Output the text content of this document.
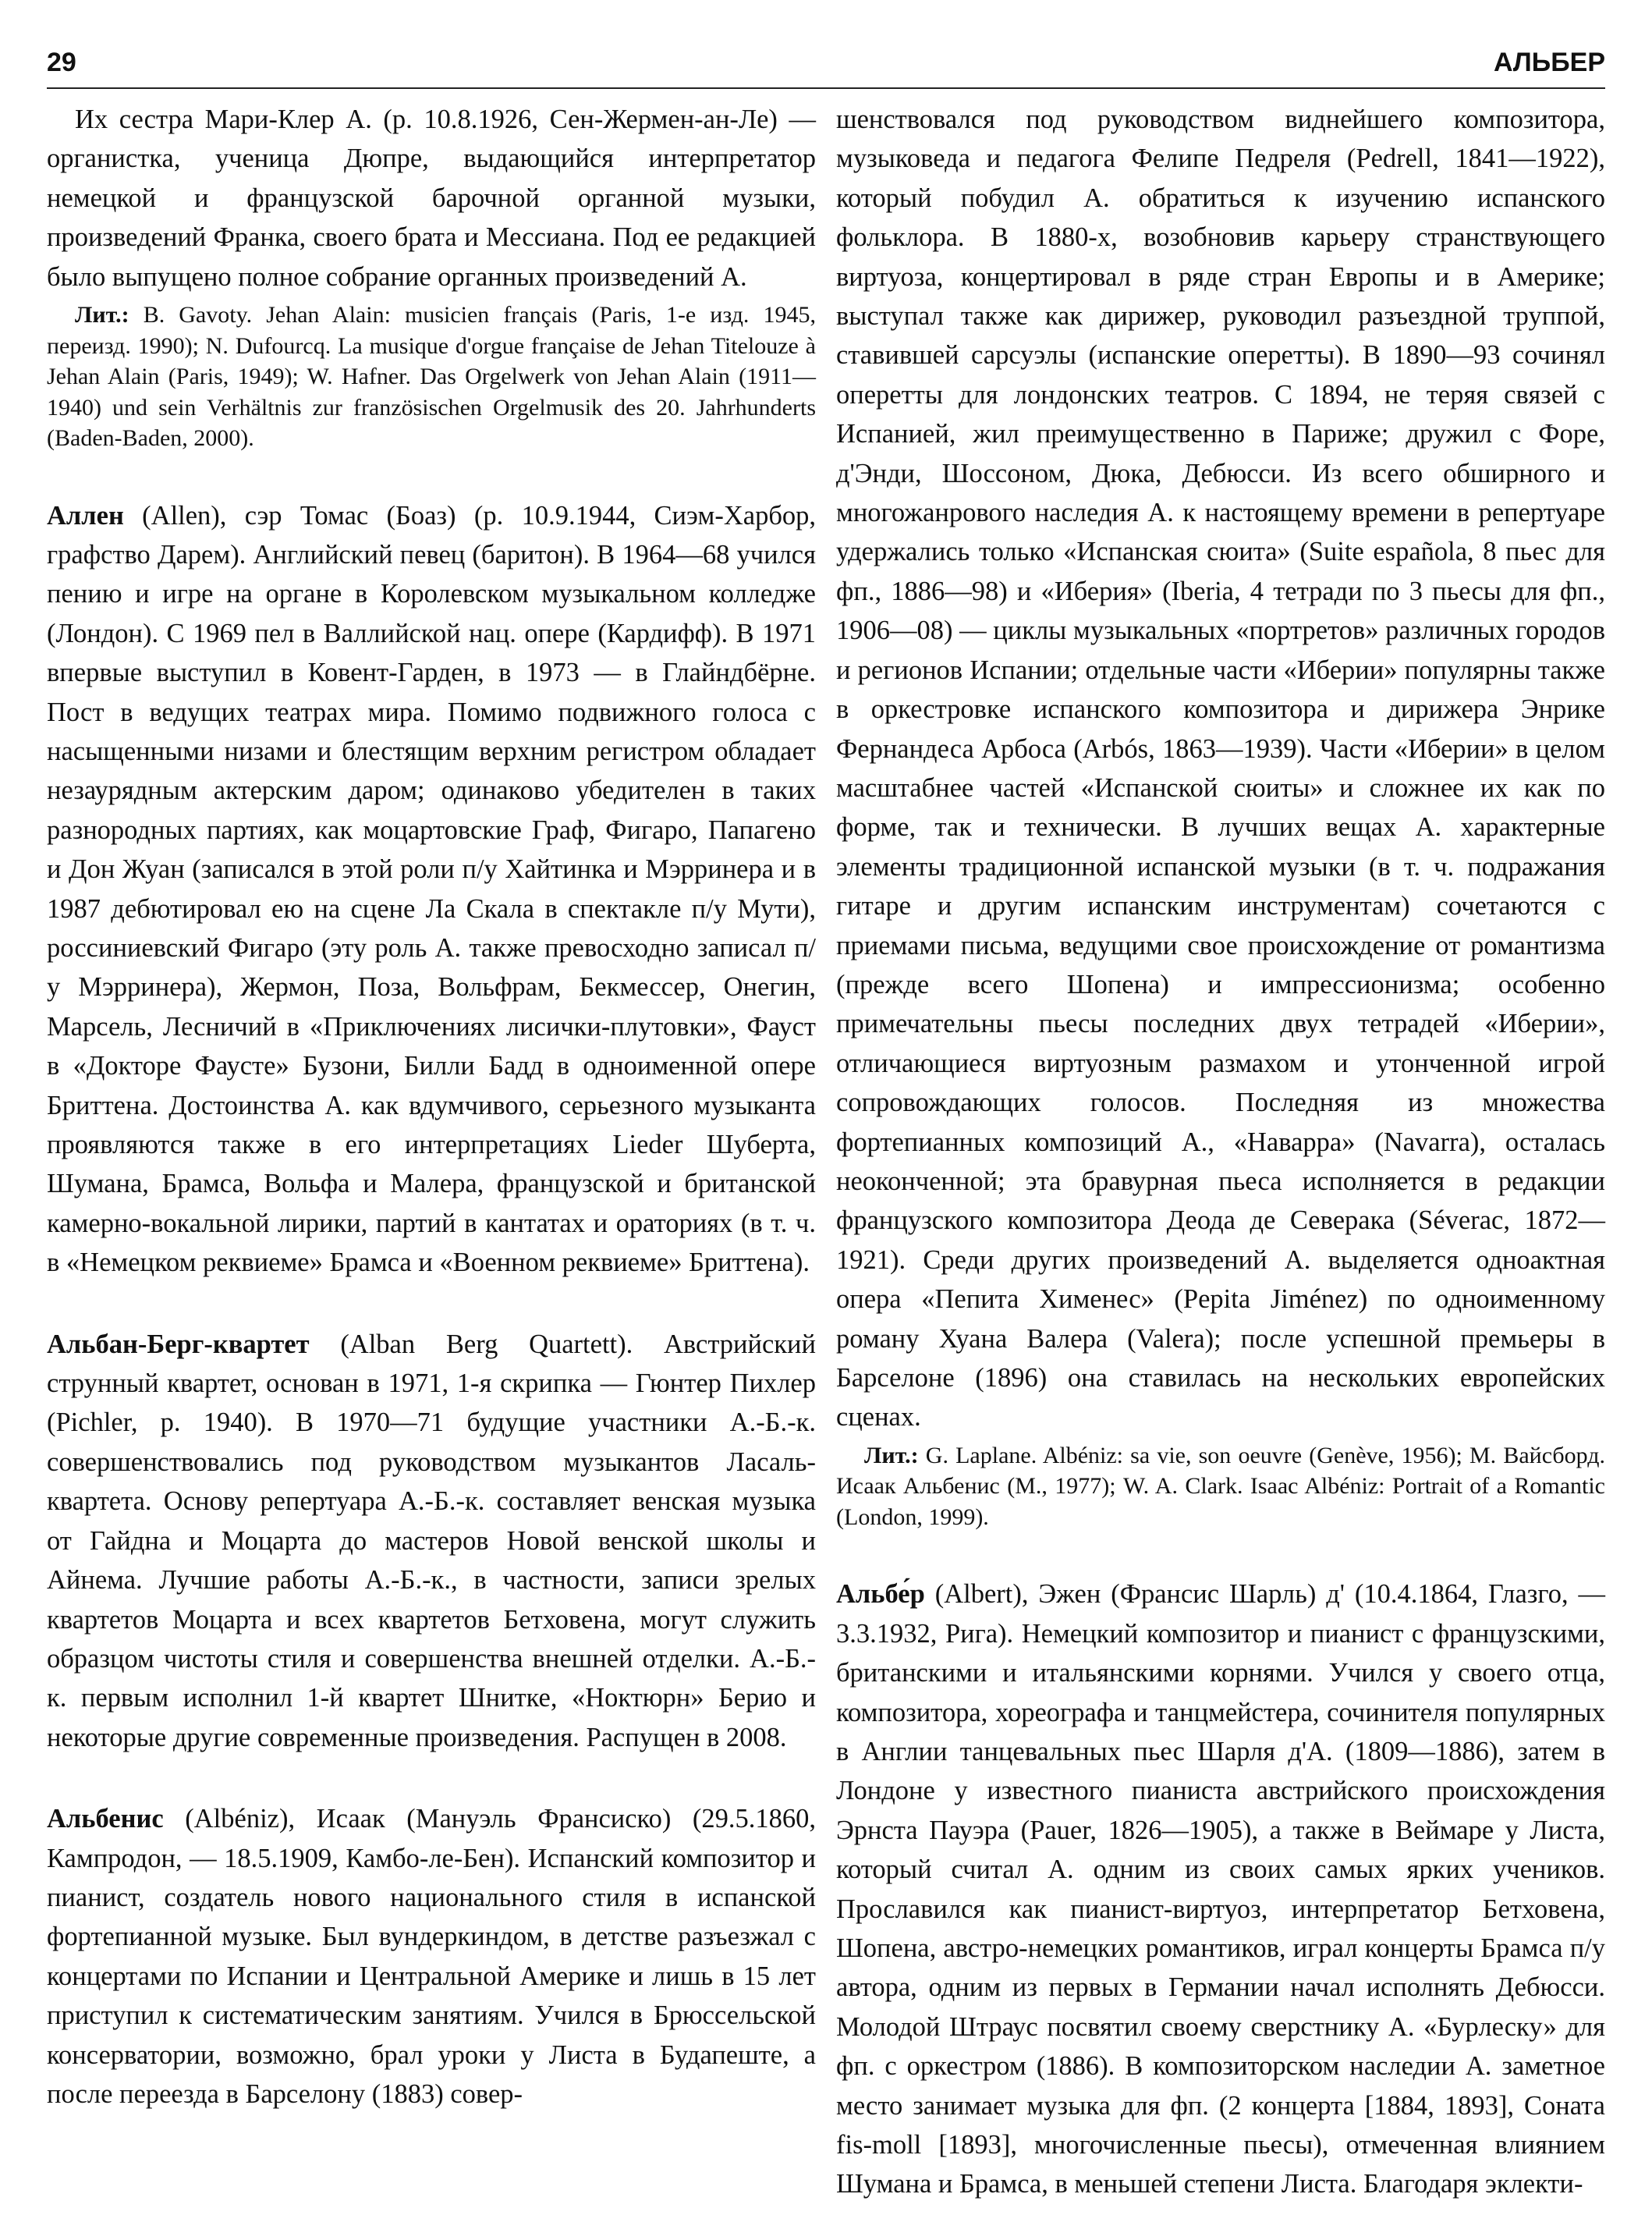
29	АЛЬБЕР

Их сестра Мари-Клер А. (р. 10.8.1926, Сен-Жермен-ан-Ле) — органистка, ученица Дюпре, выдающийся интерпретатор немецкой и французской барочной органной музыки, произведений Франка, своего брата и Мессиана. Под ее редакцией было выпущено полное собрание органных произведений А.

Лит.: B. Gavoty. Jehan Alain: musicien français (Paris, 1-е изд. 1945, переизд. 1990); N. Dufourcq. La musique d'orgue française de Jehan Titelouze à Jehan Alain (Paris, 1949); W. Hafner. Das Orgelwerk von Jehan Alain (1911—1940) und sein Verhältnis zur französischen Orgelmusik des 20. Jahrhunderts (Baden-Baden, 2000).

Аллен (Allen), сэр Томас (Боаз) (р. 10.9.1944, Сиэм-Харбор, графство Дарем). Английский певец (баритон). В 1964—68 учился пению и игре на органе в Королевском музыкальном колледже (Лондон). С 1969 пел в Валлийской нац. опере (Кардифф). В 1971 впервые выступил в Ковент-Гарден, в 1973 — в Глайндбёрне. Пост в ведущих театрах мира. Помимо подвижного голоса с насыщенными низами и блестящим верхним регистром обладает незаурядным актерским даром; одинаково убедителен в таких разнородных партиях, как моцартовские Граф, Фигаро, Папагено и Дон Жуан (записался в этой роли п/у Хайтинка и Мэрринера и в 1987 дебютировал ею на сцене Ла Скала в спектакле п/у Мути), россиниевский Фигаро (эту роль А. также превосходно записал п/у Мэрринера), Жермон, Поза, Вольфрам, Бекмессер, Онегин, Марсель, Лесничий в «Приключениях лисички-плутовки», Фауст в «Докторе Фаусте» Бузони, Билли Бадд в одноименной опере Бриттена. Достоинства А. как вдумчивого, серьезного музыканта проявляются также в его интерпретациях Lieder Шуберта, Шумана, Брамса, Вольфа и Малера, французской и британской камерно-вокальной лирики, партий в кантатах и ораториях (в т. ч. в «Немецком реквиеме» Брамса и «Военном реквиеме» Бриттена).

Альбан-Берг-квартет (Alban Berg Quartett). Австрийский струнный квартет, основан в 1971, 1-я скрипка — Гюнтер Пихлер (Pichler, р. 1940). В 1970—71 будущие участники А.-Б.-к. совершенствовались под руководством музыкантов Ласаль-квартета. Основу репертуара А.-Б.-к. составляет венская музыка от Гайдна и Моцарта до мастеров Новой венской школы и Айнема. Лучшие работы А.-Б.-к., в частности, записи зрелых квартетов Моцарта и всех квартетов Бетховена, могут служить образцом чистоты стиля и совершенства внешней отделки. А.-Б.-к. первым исполнил 1-й квартет Шнитке, «Ноктюрн» Берио и некоторые другие современные произведения. Распущен в 2008.

Альбенис (Albéniz), Исаак (Мануэль Франсиско) (29.5.1860, Кампродон, — 18.5.1909, Камбо-ле-Бен). Испанский композитор и пианист, создатель нового национального стиля в испанской фортепианной музыке. Был вундеркиндом, в детстве разъезжал с концертами по Испании и Центральной Америке и лишь в 15 лет приступил к систематическим занятиям. Учился в Брюссельской консерватории, возможно, брал уроки у Листа в Будапеште, а после переезда в Барселону (1883) совер-

шенствовался под руководством виднейшего композитора, музыковеда и педагога Фелипе Педреля (Pedrell, 1841—1922), который побудил А. обратиться к изучению испанского фольклора. В 1880-х, возобновив карьеру странствующего виртуоза, концертировал в ряде стран Европы и в Америке; выступал также как дирижер, руководил разъездной труппой, ставившей сарсуэлы (испанские оперетты). В 1890—93 сочинял оперетты для лондонских театров. С 1894, не теряя связей с Испанией, жил преимущественно в Париже; дружил с Форе, д'Энди, Шоссоном, Дюка, Дебюсси. Из всего обширного и многожанрового наследия А. к настоящему времени в репертуаре удержались только «Испанская сюита» (Suite española, 8 пьес для фп., 1886—98) и «Иберия» (Iberia, 4 тетради по 3 пьесы для фп., 1906—08) — циклы музыкальных «портретов» различных городов и регионов Испании; отдельные части «Иберии» популярны также в оркестровке испанского композитора и дирижера Энрике Фернандеса Арбоса (Arbós, 1863—1939). Части «Иберии» в целом масштабнее частей «Испанской сюиты» и сложнее их как по форме, так и технически. В лучших вещах А. характерные элементы традиционной испанской музыки (в т. ч. подражания гитаре и другим испанским инструментам) сочетаются с приемами письма, ведущими свое происхождение от романтизма (прежде всего Шопена) и импрессионизма; особенно примечательны пьесы последних двух тетрадей «Иберии», отличающиеся виртуозным размахом и утонченной игрой сопровождающих голосов. Последняя из множества фортепианных композиций А., «Наварра» (Navarra), осталась неоконченной; эта бравурная пьеса исполняется в редакции французского композитора Деода де Северака (Séverac, 1872—1921). Среди других произведений А. выделяется одноактная опера «Пепита Хименес» (Pepita Jiménez) по одноименному роману Хуана Валера (Valera); после успешной премьеры в Барселоне (1896) она ставилась на нескольких европейских сценах.

Лит.: G. Laplane. Albéniz: sa vie, son oeuvre (Genève, 1956); М. Вайсборд. Исаак Альбенис (М., 1977); W. A. Clark. Isaac Albéniz: Portrait of a Romantic (London, 1999).

Альбе́р (Albert), Эжен (Франсис Шарль) д' (10.4.1864, Глазго, — 3.3.1932, Рига). Немецкий композитор и пианист с французскими, британскими и итальянскими корнями. Учился у своего отца, композитора, хореографа и танцмейстера, сочинителя популярных в Англии танцевальных пьес Шарля д'А. (1809—1886), затем в Лондоне у известного пианиста австрийского происхождения Эрнста Пауэра (Pauer, 1826—1905), а также в Веймаре у Листа, который считал А. одним из своих самых ярких учеников. Прославился как пианист-виртуоз, интерпретатор Бетховена, Шопена, австро-немецких романтиков, играл концерты Брамса п/у автора, одним из первых в Германии начал исполнять Дебюсси. Молодой Штраус посвятил своему сверстнику А. «Бурлеску» для фп. с оркестром (1886). В композиторском наследии А. заметное место занимает музыка для фп. (2 концерта [1884, 1893], Соната fis-moll [1893], многочисленные пьесы), отмеченная влиянием Шумана и Брамса, в меньшей степени Листа. Благодаря эклекти-
